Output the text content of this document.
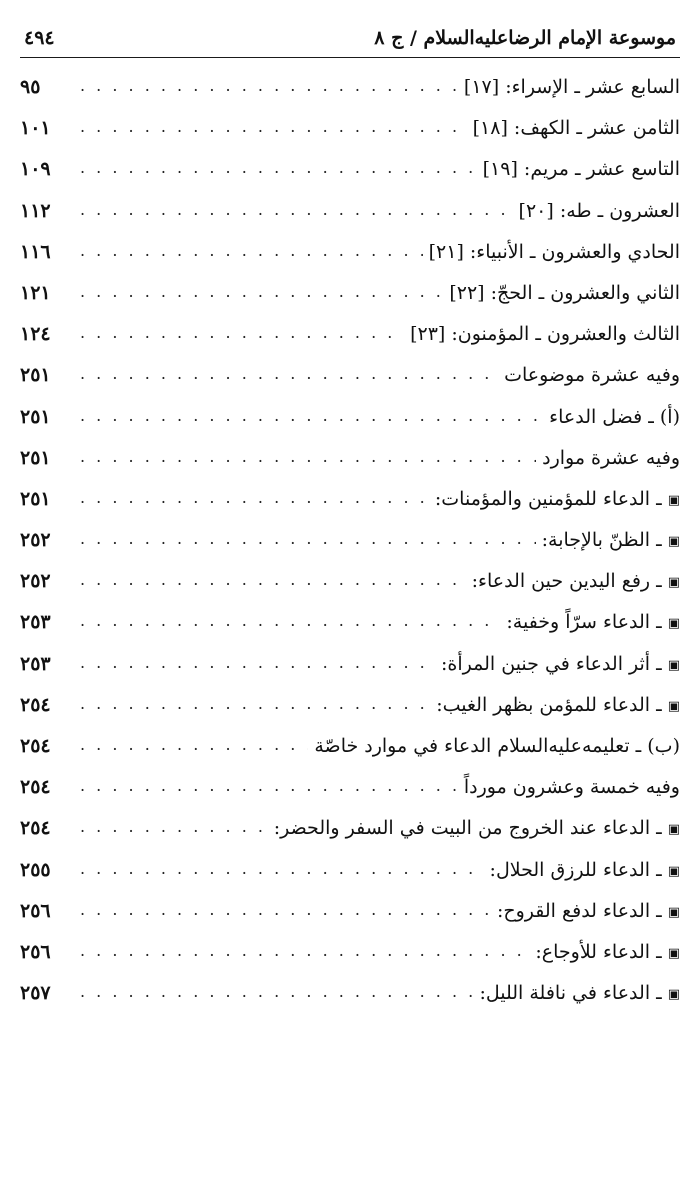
موسوعة الإمام الرضاعليه‌السلام / ج ٨
٤٩٤
السابع عشر ـ الإسراء: [١٧]
. . .
٩٥
الثامن عشر ـ الكهف: [١٨]
. . .
١٠١
التاسع عشر ـ مريم: [١٩]
. . .
١٠٩
العشرون ـ طه: [٢٠]
. . .
١١٢
الحادي والعشرون ـ الأنبياء: [٢١]
. . .
١١٦
الثاني والعشرون ـ الحجّ: [٢٢]
. . .
١٢١
الثالث والعشرون ـ المؤمنون: [٢٣]
. . .
١٢٤
وفيه عشرة موضوعات
. . .
٢٥١
(أ) ـ فضل الدعاء
. . .
٢٥١
وفيه عشرة موارد
. . .
٢٥١
▣
ـ الدعاء للمؤمنين والمؤمنات:
. . .
٢٥١
▣
ـ الظنّ بالإجابة:
. . .
٢٥٢
▣
ـ رفع اليدين حين الدعاء:
. . .
٢٥٢
▣
ـ الدعاء سرّاً وخفية:
. . .
٢٥٣
▣
ـ أثر الدعاء في جنين المرأة:
. . .
٢٥٣
▣
ـ الدعاء للمؤمن بظهر الغيب:
. . .
٢٥٤
(ب) ـ تعليمه‌عليه‌السلام الدعاء في موارد خاصّة
. . .
٢٥٤
وفيه خمسة وعشرون مورداً
. . .
٢٥٤
▣
ـ الدعاء عند الخروج من البيت في السفر والحضر:
. . .
٢٥٤
▣
ـ الدعاء للرزق الحلال:
. . .
٢٥٥
▣
ـ الدعاء لدفع القروح:
. . .
٢٥٦
▣
ـ الدعاء للأوجاع:
. . .
٢٥٦
▣
ـ الدعاء في نافلة الليل:
. . .
٢٥٧
